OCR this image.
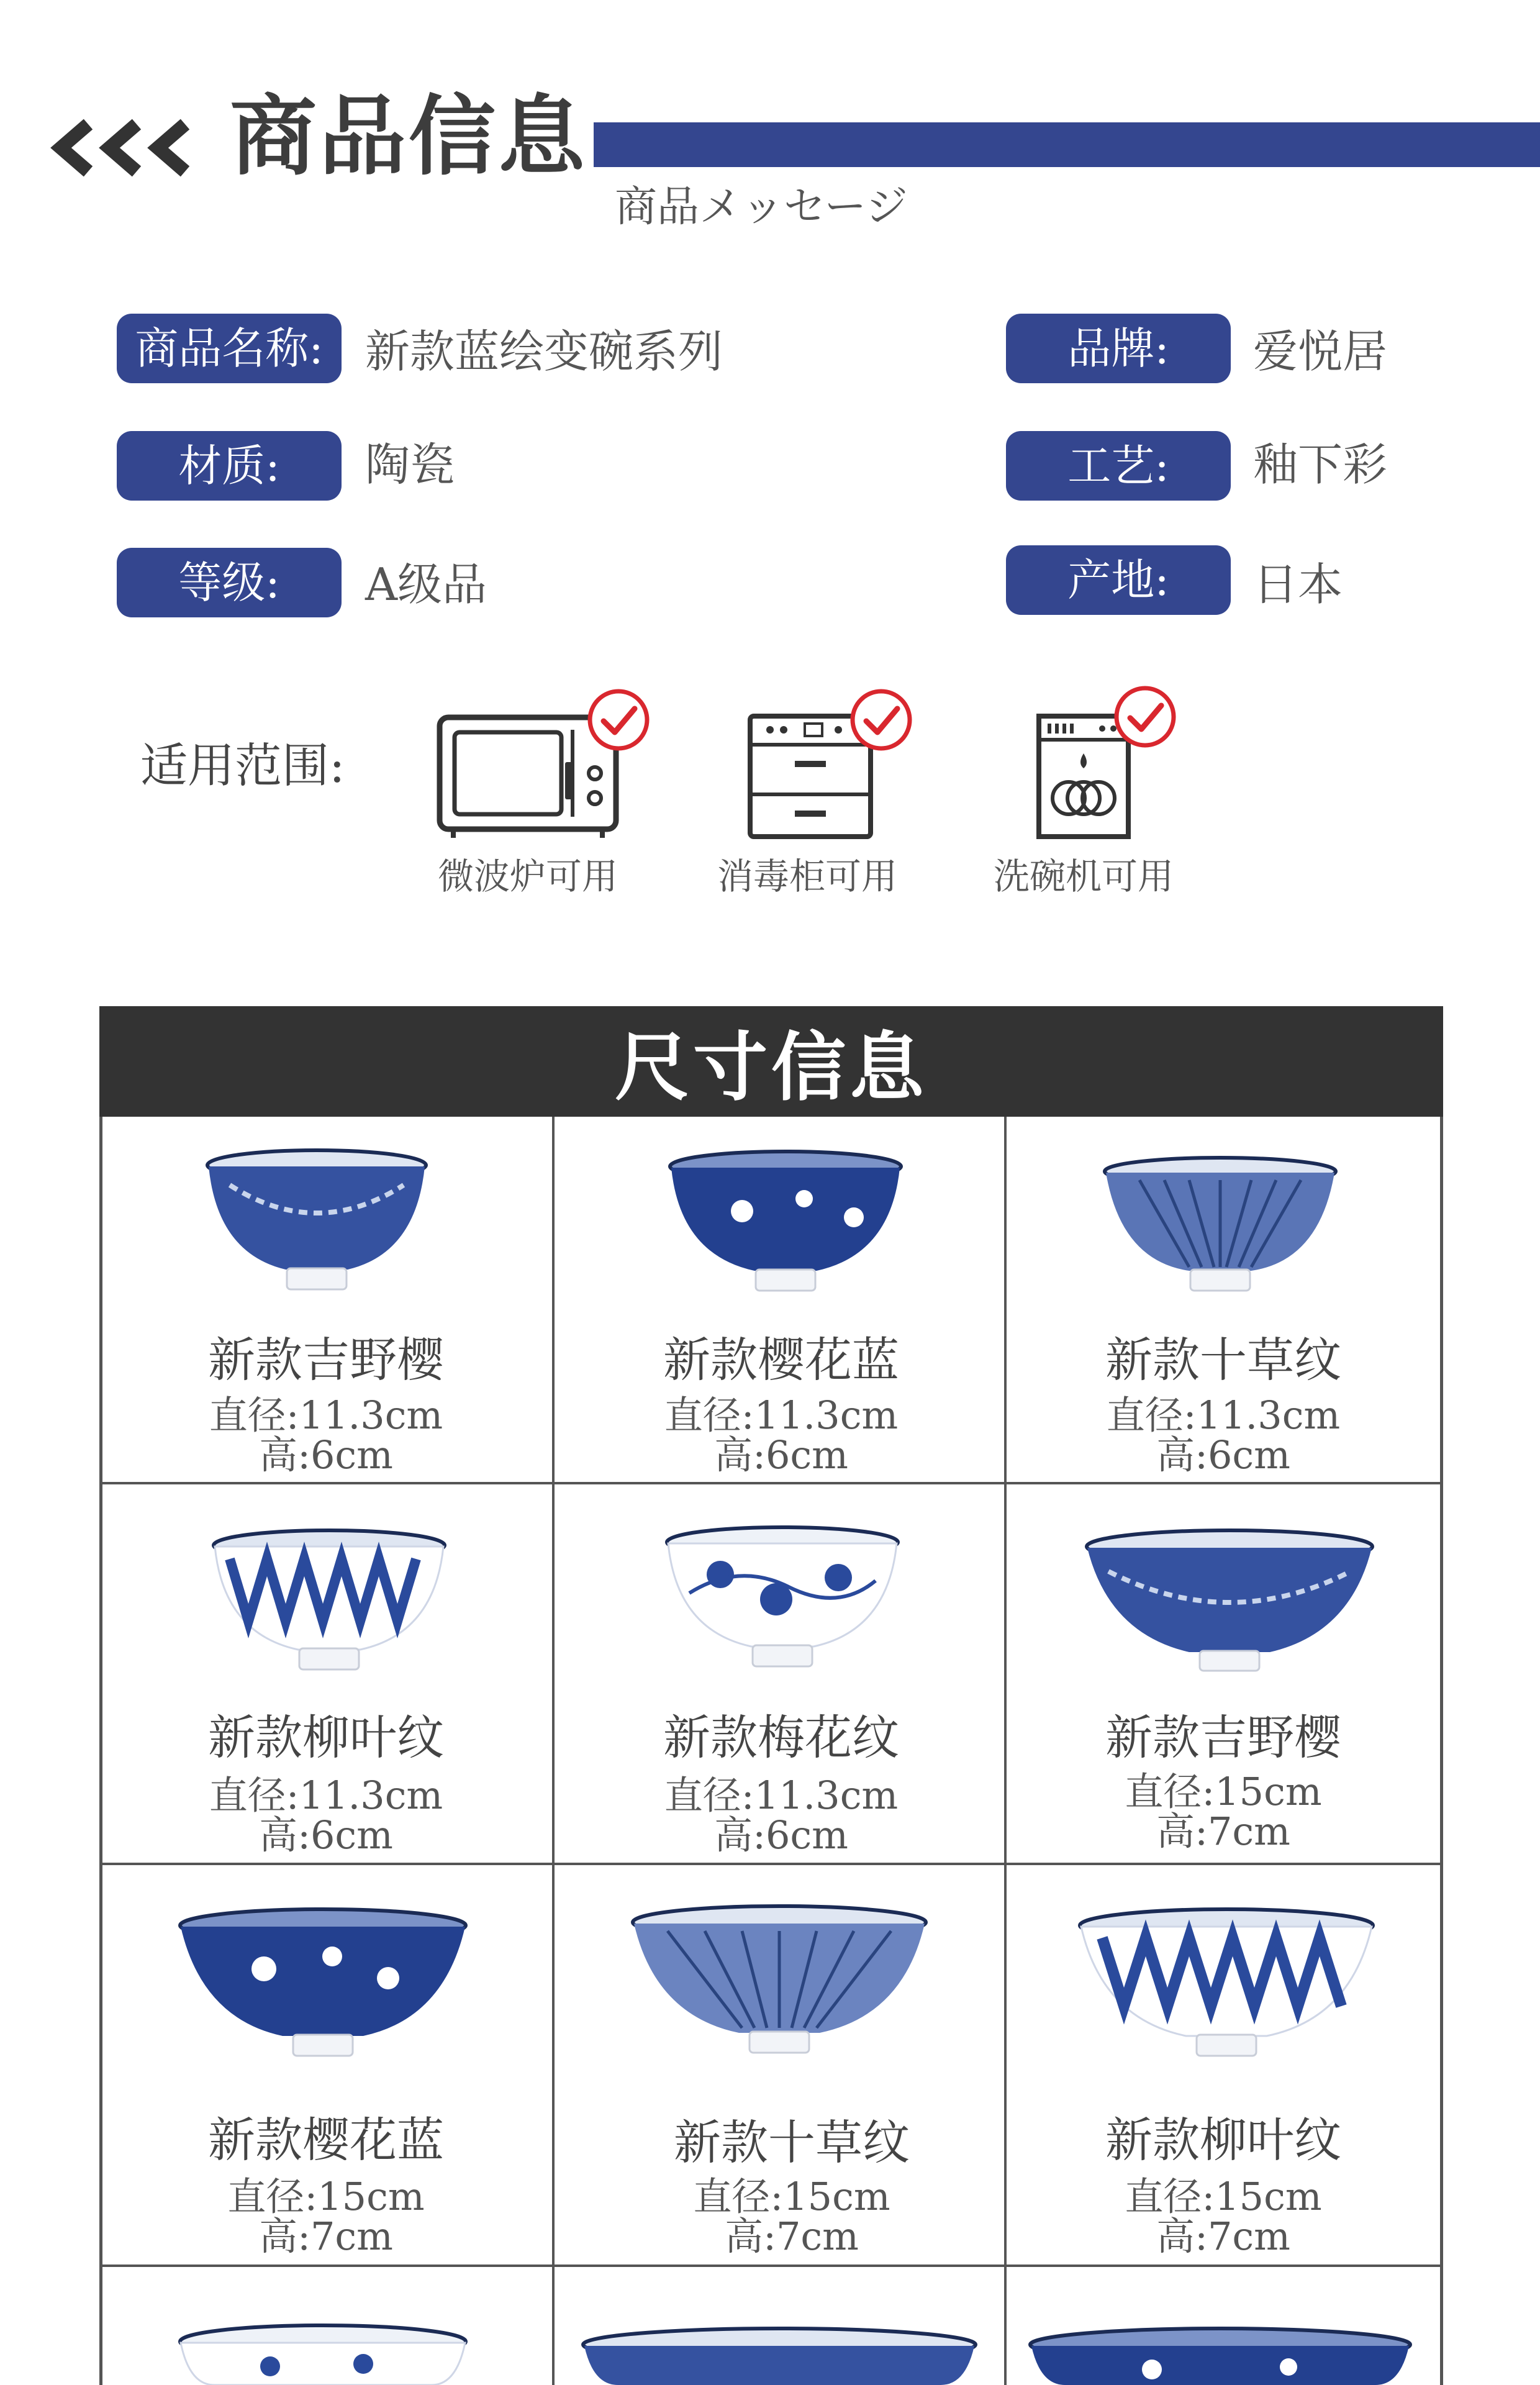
商品信息
商品メッセージ
商品名称: 新款蓝绘变碗系列	品牌: 爱悦居
材质: 陶瓷	工艺: 釉下彩
等级: A级品	产地: 日本
适用范围:
微波炉可用	消毒柜可用	洗碗机可用
尺寸信息
新款吉野樱
直径:11.3cm
高:6cm
新款樱花蓝
直径:11.3cm
高:6cm
新款十草纹
直径:11.3cm
高:6cm
新款柳叶纹
直径:11.3cm
高:6cm
新款梅花纹
直径:11.3cm
高:6cm
新款吉野樱
直径:15cm
高:7cm
新款樱花蓝
直径:15cm
高:7cm
新款十草纹
直径:15cm
高:7cm
新款柳叶纹
直径:15cm
高:7cm
